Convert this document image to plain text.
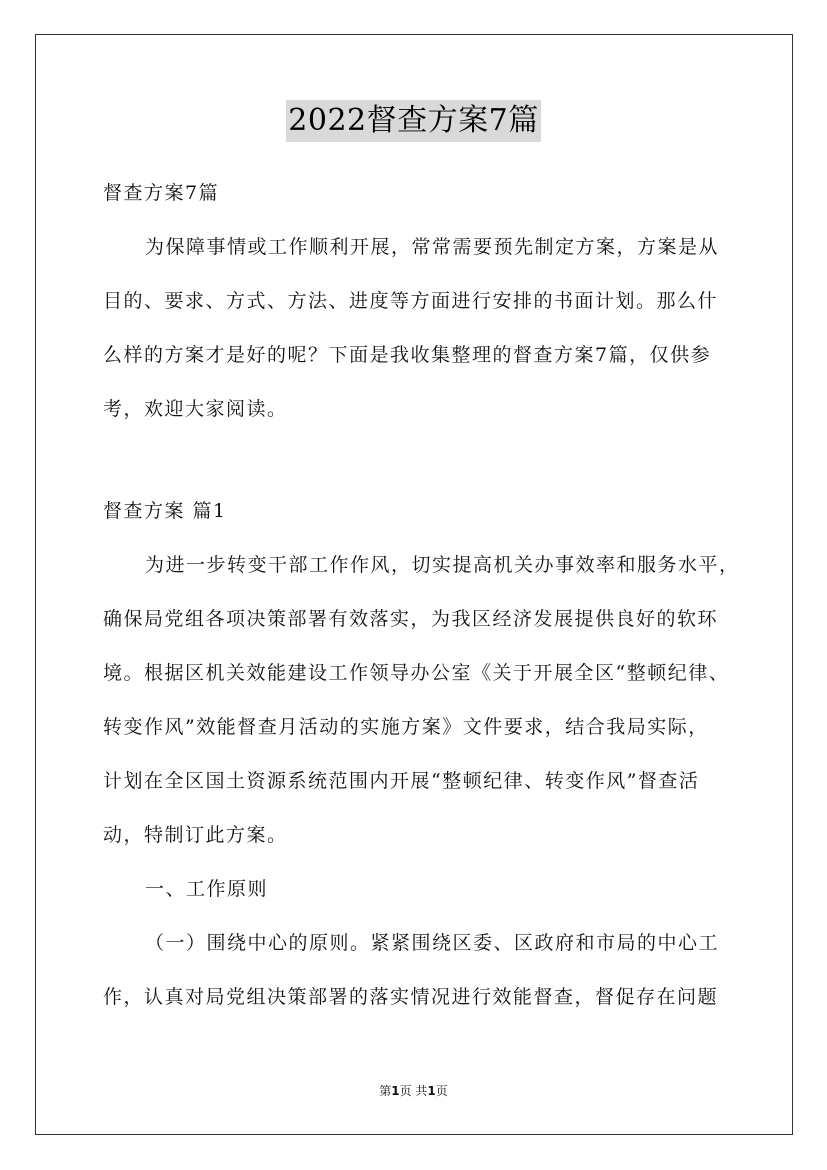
2022督查方案7篇
督查方案7篇
为保障事情或工作顺利开展，常常需要预先制定方案，方案是从
目的、要求、方式、方法、进度等方面进行安排的书面计划。那么什
么样的方案才是好的呢？下面是我收集整理的督查方案7篇，仅供参
考，欢迎大家阅读。
督查方案 篇1
为进一步转变干部工作作风，切实提高机关办事效率和服务水平，
确保局党组各项决策部署有效落实，为我区经济发展提供良好的软环
境。根据区机关效能建设工作领导办公室《关于开展全区“整顿纪律、
转变作风”效能督查月活动的实施方案》文件要求，结合我局实际，
计划在全区国土资源系统范围内开展“整顿纪律、转变作风”督查活
动，特制订此方案。
一、工作原则
（一）围绕中心的原则。紧紧围绕区委、区政府和市局的中心工
作，认真对局党组决策部署的落实情况进行效能督查，督促存在问题
第1页 共1页
